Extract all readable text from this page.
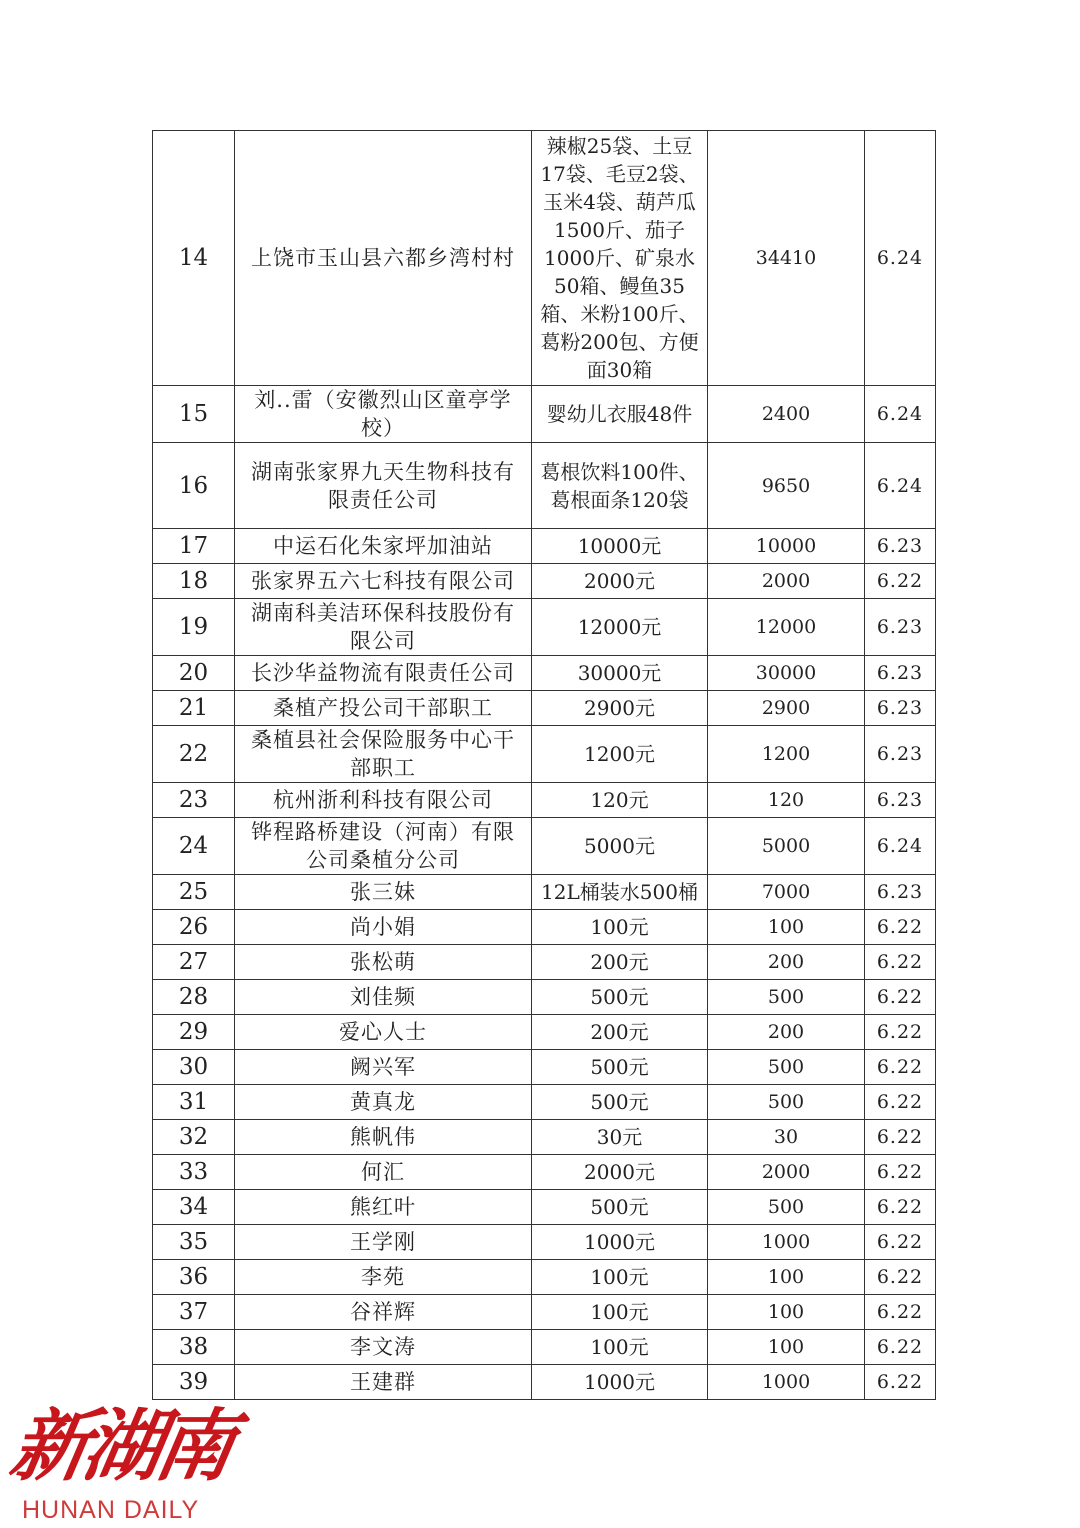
14	上饶市玉山县六都乡湾村村	辣椒25袋、土豆17袋、毛豆2袋、玉米4袋、葫芦瓜1500斤、茄子1000斤、矿泉水50箱、鳗鱼35箱、米粉100斤、葛粉200包、方便面30箱	34410	6.24
15	刘..雷（安徽烈山区童亭学校）	婴幼儿衣服48件	2400	6.24
16	湖南张家界九天生物科技有限责任公司	葛根饮料100件、葛根面条120袋	9650	6.24
17	中运石化朱家坪加油站	10000元	10000	6.23
18	张家界五六七科技有限公司	2000元	2000	6.22
19	湖南科美洁环保科技股份有限公司	12000元	12000	6.23
20	长沙华益物流有限责任公司	30000元	30000	6.23
21	桑植产投公司干部职工	2900元	2900	6.23
22	桑植县社会保险服务中心干部职工	1200元	1200	6.23
23	杭州浙利科技有限公司	120元	120	6.23
24	铧程路桥建设（河南）有限公司桑植分公司	5000元	5000	6.24
25	张三妹	12L桶装水500桶	7000	6.23
26	尚小娟	100元	100	6.22
27	张松萌	200元	200	6.22
28	刘佳频	500元	500	6.22
29	爱心人士	200元	200	6.22
30	阙兴军	500元	500	6.22
31	黄真龙	500元	500	6.22
32	熊帆伟	30元	30	6.22
33	何汇	2000元	2000	6.22
34	熊红叶	500元	500	6.22
35	王学刚	1000元	1000	6.22
36	李苑	100元	100	6.22
37	谷祥辉	100元	100	6.22
38	李文涛	100元	100	6.22
39	王建群	1000元	1000	6.22
新湖南
HUNAN DAILY
